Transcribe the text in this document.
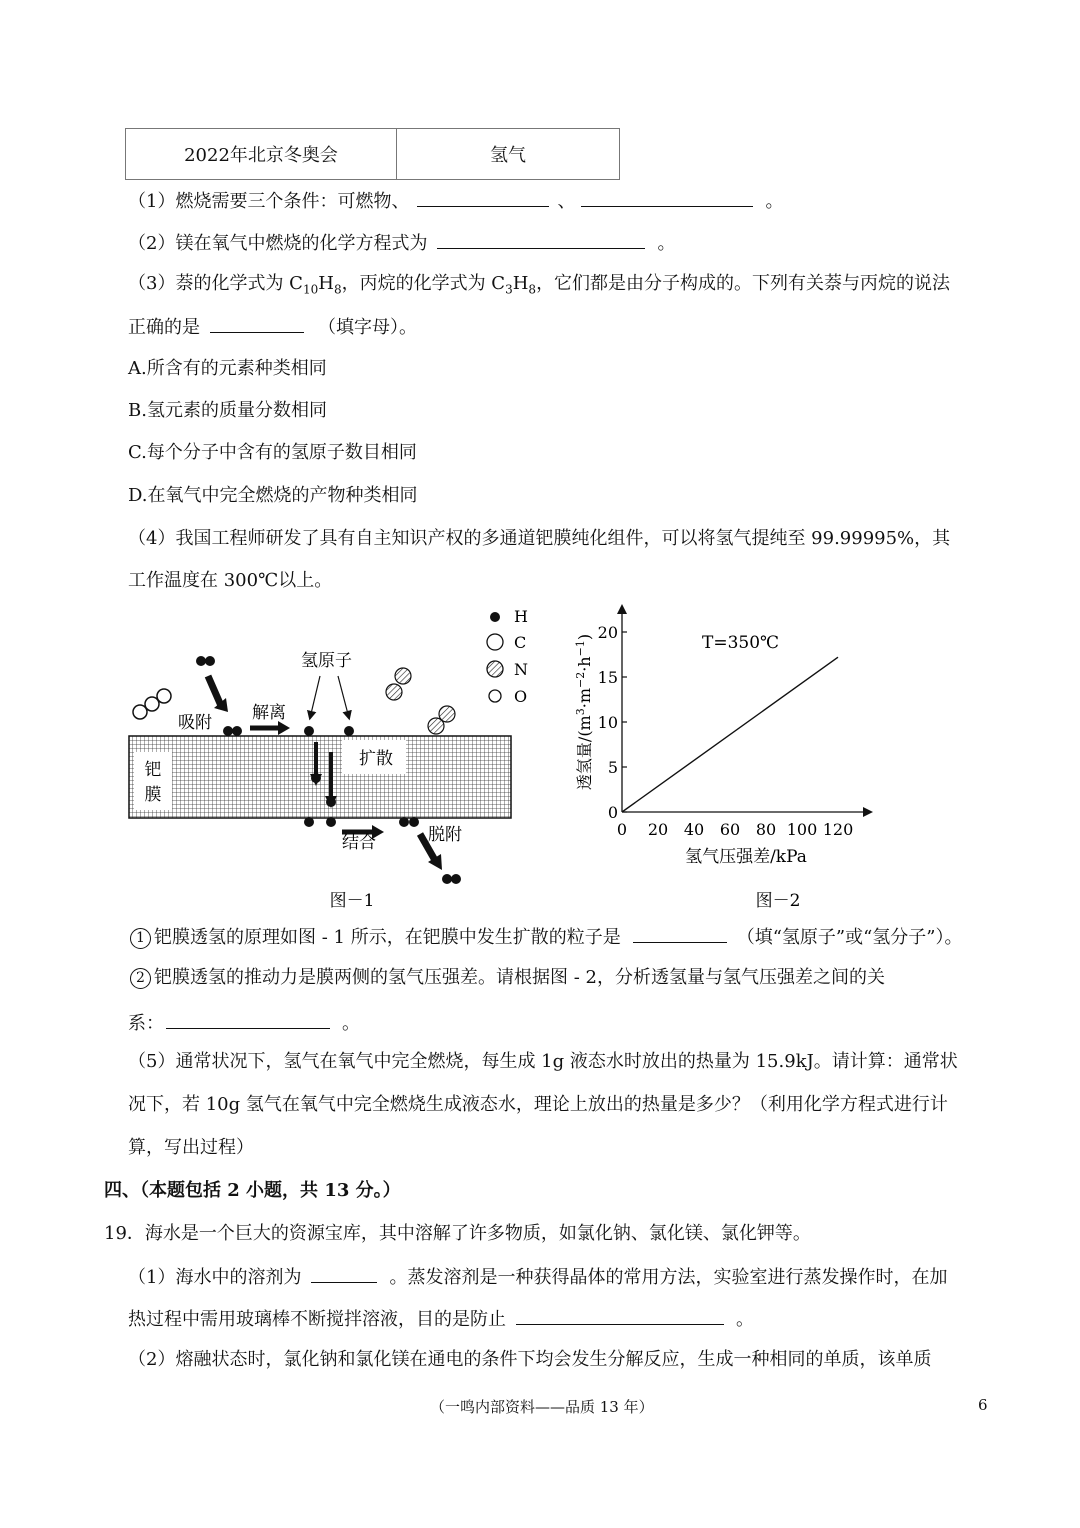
2022年北京冬奥会	氢气
（1）燃烧需要三个条件：可燃物、	、	。
（2）镁在氧气中燃烧的化学方程式为	。
（3）萘的化学式为 $C_{10}H_8$，丙烷的化学式为 $C_3H_8$，它们都是由分子构成的。下列有关萘与丙烷的说法
正确的是	（填字母）。
A.所含有的元素种类相同
B.氢元素的质量分数相同
C.每个分子中含有的氢原子数目相同
D.在氧气中完全燃烧的产物种类相同
（4）我国工程师研发了具有自主知识产权的多通道钯膜纯化组件，可以将氢气提纯至 99.99995%，其
工作温度在 300℃以上。
钯
膜
扩散
吸附 解离
氢原子
结合	脱附
H
C
N
O
图－1
0 20 40 60 80 100 120
0
5
10
15
20
T=350℃
氢气压强差/kPa
透氢量$/(m^3\cdot m^{-2}\cdot h^{-1})$
图－2
1 钯膜透氢的原理如图 - 1 所示，在钯膜中发生扩散的粒子是	（填“氢原子”或“氢分子”）。
2 钯膜透氢的推动力是膜两侧的氢气压强差。请根据图 - 2，分析透氢量与氢气压强差之间的关
系：	。
（5）通常状况下，氢气在氧气中完全燃烧，每生成 1g 液态水时放出的热量为 15.9kJ。请计算：通常状
况下，若 10g 氢气在氧气中完全燃烧生成液态水，理论上放出的热量是多少？（利用化学方程式进行计
算，写出过程）
四、（本题包括 2 小题，共 13 分。）
19．海水是一个巨大的资源宝库，其中溶解了许多物质，如氯化钠、氯化镁、氯化钾等。
（1）海水中的溶剂为	。蒸发溶剂是一种获得晶体的常用方法，实验室进行蒸发操作时，在加
热过程中需用玻璃棒不断搅拌溶液，目的是防止	。
（2）熔融状态时，氯化钠和氯化镁在通电的条件下均会发生分解反应，生成一种相同的单质，该单质
（一鸣内部资料——品质 13 年）	6
